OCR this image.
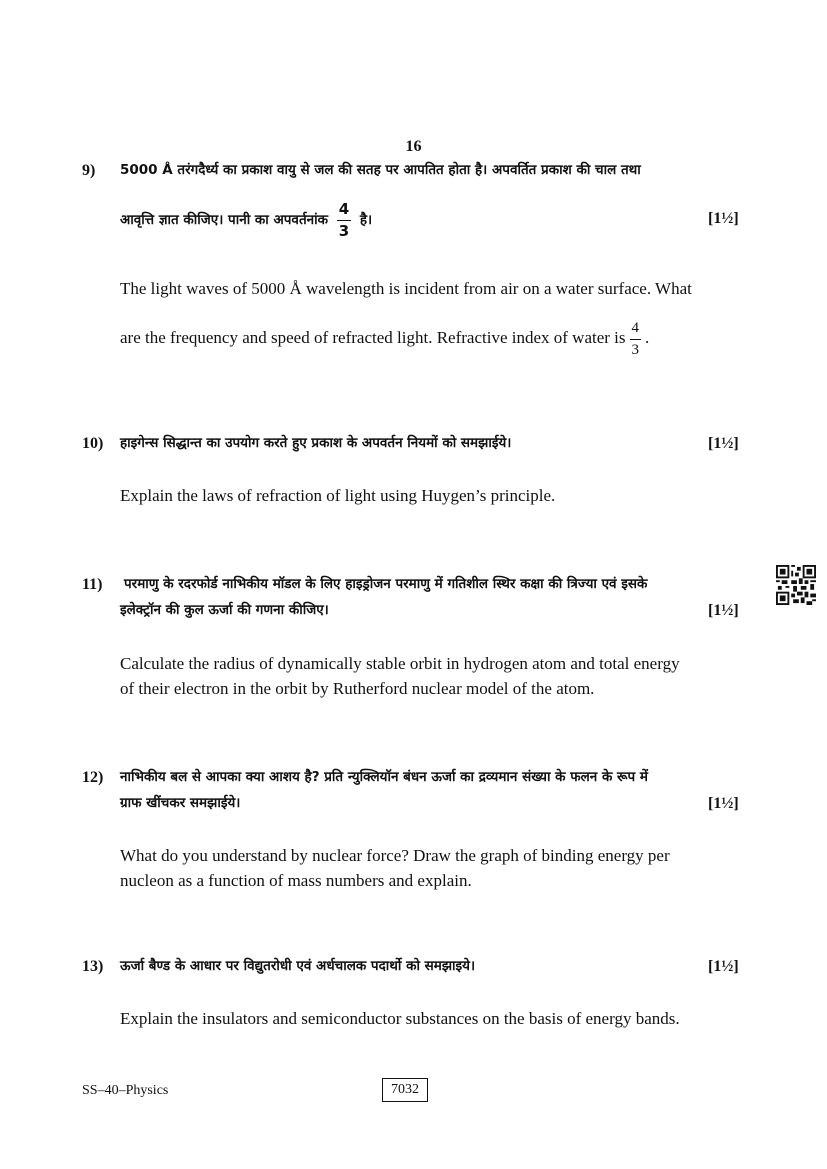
16
9) 5000 Å तरंगदैर्ध्य का प्रकाश वायु से जल की सतह पर आपतित होता है। अपवर्तित प्रकाश की चाल तथा
आवृत्ति ज्ञात कीजिए। पानी का अपवर्तनांक $\frac{4}{3}$ है।	[1½]
The light waves of 5000 Å wavelength is incident from air on a water surface. What
are the frequency and speed of refracted light. Refractive index of water is $\frac{4}{3}$ .
10) हाइगेन्स सिद्धान्त का उपयोग करते हुए प्रकाश के अपवर्तन नियमों को समझाईये।	[1½]
Explain the laws of refraction of light using Huygen’s principle.
11) परमाणु के रदरफोर्ड नाभिकीय मॉडल के लिए हाइड्रोजन परमाणु में गतिशील स्थिर कक्षा की त्रिज्या एवं इसके
इलेक्ट्रॉन की कुल ऊर्जा की गणना कीजिए।	[1½]
Calculate the radius of dynamically stable orbit in hydrogen atom and total energy
of their electron in the orbit by Rutherford nuclear model of the atom.
12) नाभिकीय बल से आपका क्या आशय है? प्रति न्युक्लियॉन बंधन ऊर्जा का द्रव्यमान संख्या के फलन के रूप में
ग्राफ खींचकर समझाईये।	[1½]
What do you understand by nuclear force? Draw the graph of binding energy per
nucleon as a function of mass numbers and explain.
13) ऊर्जा बैण्ड के आधार पर विद्युतरोधी एवं अर्धचालक पदार्थो को समझाइये।	[1½]
Explain the insulators and semiconductor substances on the basis of energy bands.
SS–40–Physics	7032
